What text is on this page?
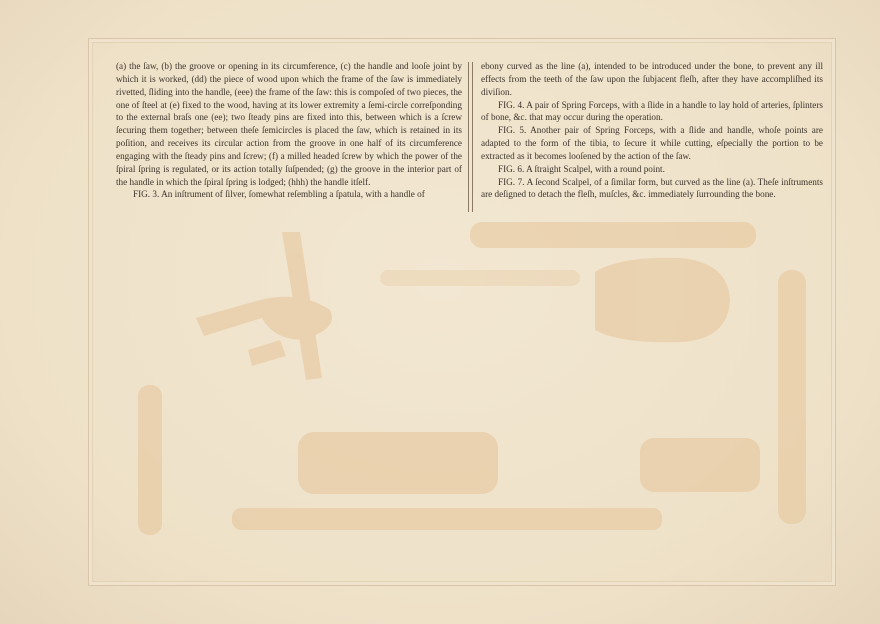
(a) the ſaw, (b) the groove or opening in its circumference, (c) the handle and looſe joint by which it is worked, (dd) the piece of wood upon which the frame of the ſaw is immediately rivetted, ſliding into the handle, (eee) the frame of the ſaw: this is compoſed of two pieces, the one of ſteel at (e) fixed to the wood, having at its lower extremity a ſemi-circle correſponding to the external braſs one (ee); two ſteady pins are fixed into this, between which is a ſcrew ſecuring them together; between theſe ſemicircles is placed the ſaw, which is retained in its poſition, and receives its circular action from the groove in one half of its circumference engaging with the ſteady pins and ſcrew; (f) a milled headed ſcrew by which the power of the ſpiral ſpring is regulated, or its action totally ſuſpended; (g) the groove in the interior part of the handle in which the ſpiral ſpring is lodged; (hhh) the handle itſelf.

FIG. 3. An inſtrument of ſilver, ſomewhat reſembling a ſpatula, with a handle of

ebony curved as the line (a), intended to be introduced under the bone, to prevent any ill effects from the teeth of the ſaw upon the ſubjacent fleſh, after they have accompliſhed its diviſion.

FIG. 4. A pair of Spring Forceps, with a ſlide in a handle to lay hold of arteries, ſplinters of bone, &c. that may occur during the operation.

FIG. 5. Another pair of Spring Forceps, with a ſlide and handle, whoſe points are adapted to the form of the tibia, to ſecure it while cutting, eſpecially the portion to be extracted as it becomes looſened by the action of the ſaw.

FIG. 6. A ſtraight Scalpel, with a round point.

FIG. 7. A ſecond Scalpel, of a ſimilar form, but curved as the line (a). Theſe inſtruments are deſigned to detach the fleſh, muſcles, &c. immediately ſurrounding the bone.
